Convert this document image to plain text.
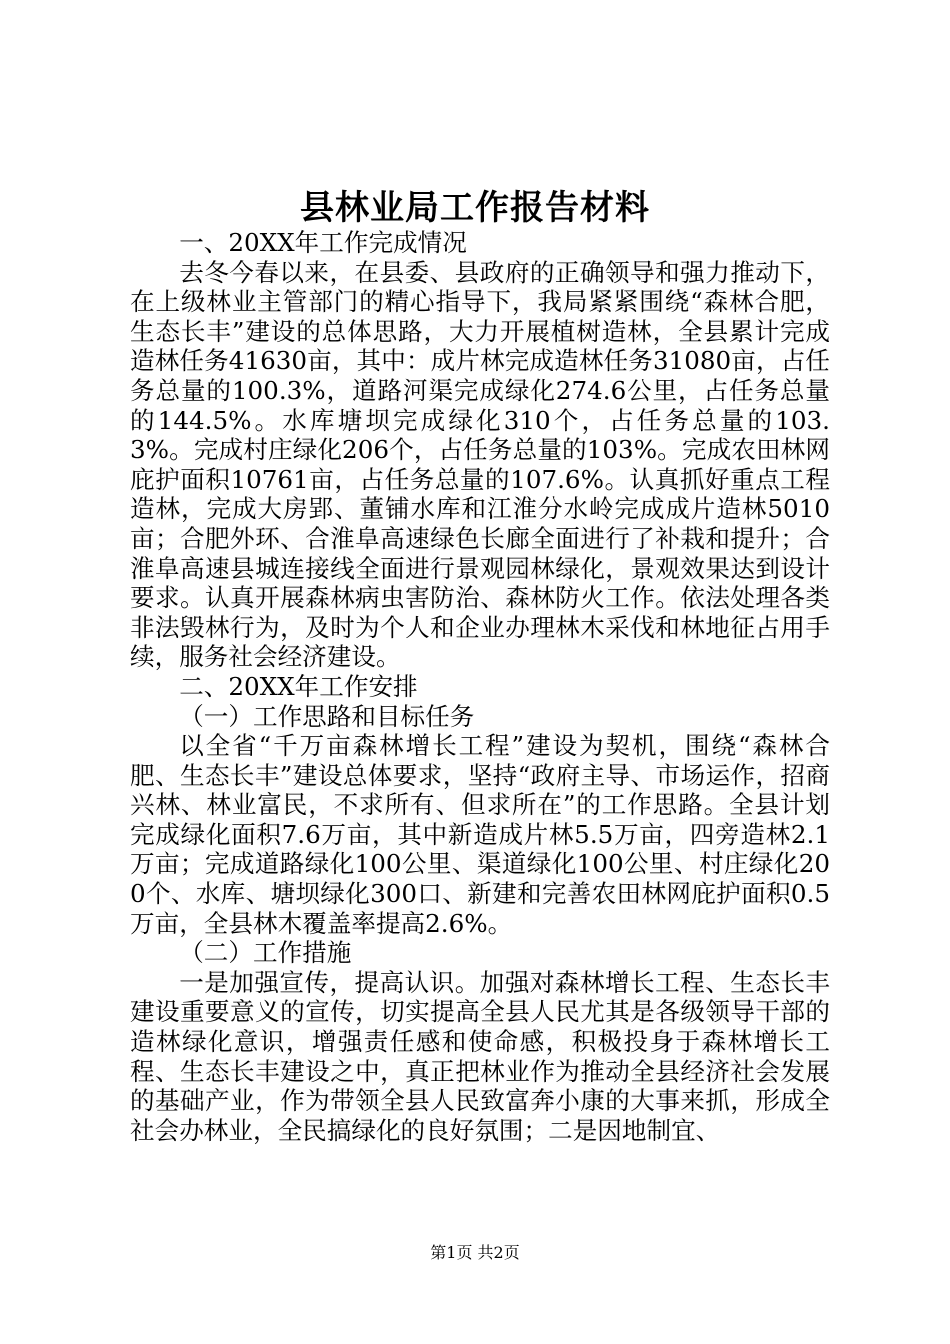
县林业局工作报告材料

一、20XX年工作完成情况

去冬今春以来，在县委、县政府的正确领导和强力推动下，在上级林业主管部门的精心指导下，我局紧紧围绕“森林合肥，生态长丰”建设的总体思路，大力开展植树造林，全县累计完成造林任务41630亩，其中：成片林完成造林任务31080亩，占任务总量的100.3%，道路河渠完成绿化274.6公里，占任务总量的144.5%。水库塘坝完成绿化310个，占任务总量的103.3%。完成村庄绿化206个，占任务总量的103%。完成农田林网庇护面积10761亩，占任务总量的107.6%。认真抓好重点工程造林，完成大房郢、董铺水库和江淮分水岭完成成片造林5010亩；合肥外环、合淮阜高速绿色长廊全面进行了补栽和提升；合淮阜高速县城连接线全面进行景观园林绿化，景观效果达到设计要求。认真开展森林病虫害防治、森林防火工作。依法处理各类非法毁林行为，及时为个人和企业办理林木采伐和林地征占用手续，服务社会经济建设。

二、20XX年工作安排

（一）工作思路和目标任务

以全省“千万亩森林增长工程”建设为契机，围绕“森林合肥、生态长丰”建设总体要求，坚持“政府主导、市场运作，招商兴林、林业富民，不求所有、但求所在”的工作思路。全县计划完成绿化面积7.6万亩，其中新造成片林5.5万亩，四旁造林2.1万亩；完成道路绿化100公里、渠道绿化100公里、村庄绿化200个、水库、塘坝绿化300口、新建和完善农田林网庇护面积0.5万亩，全县林木覆盖率提高2.6%。

（二）工作措施

一是加强宣传，提高认识。加强对森林增长工程、生态长丰建设重要意义的宣传，切实提高全县人民尤其是各级领导干部的造林绿化意识，增强责任感和使命感，积极投身于森林增长工程、生态长丰建设之中，真正把林业作为推动全县经济社会发展的基础产业，作为带领全县人民致富奔小康的大事来抓，形成全社会办林业，全民搞绿化的良好氛围；二是因地制宜、

第1页 共2页
